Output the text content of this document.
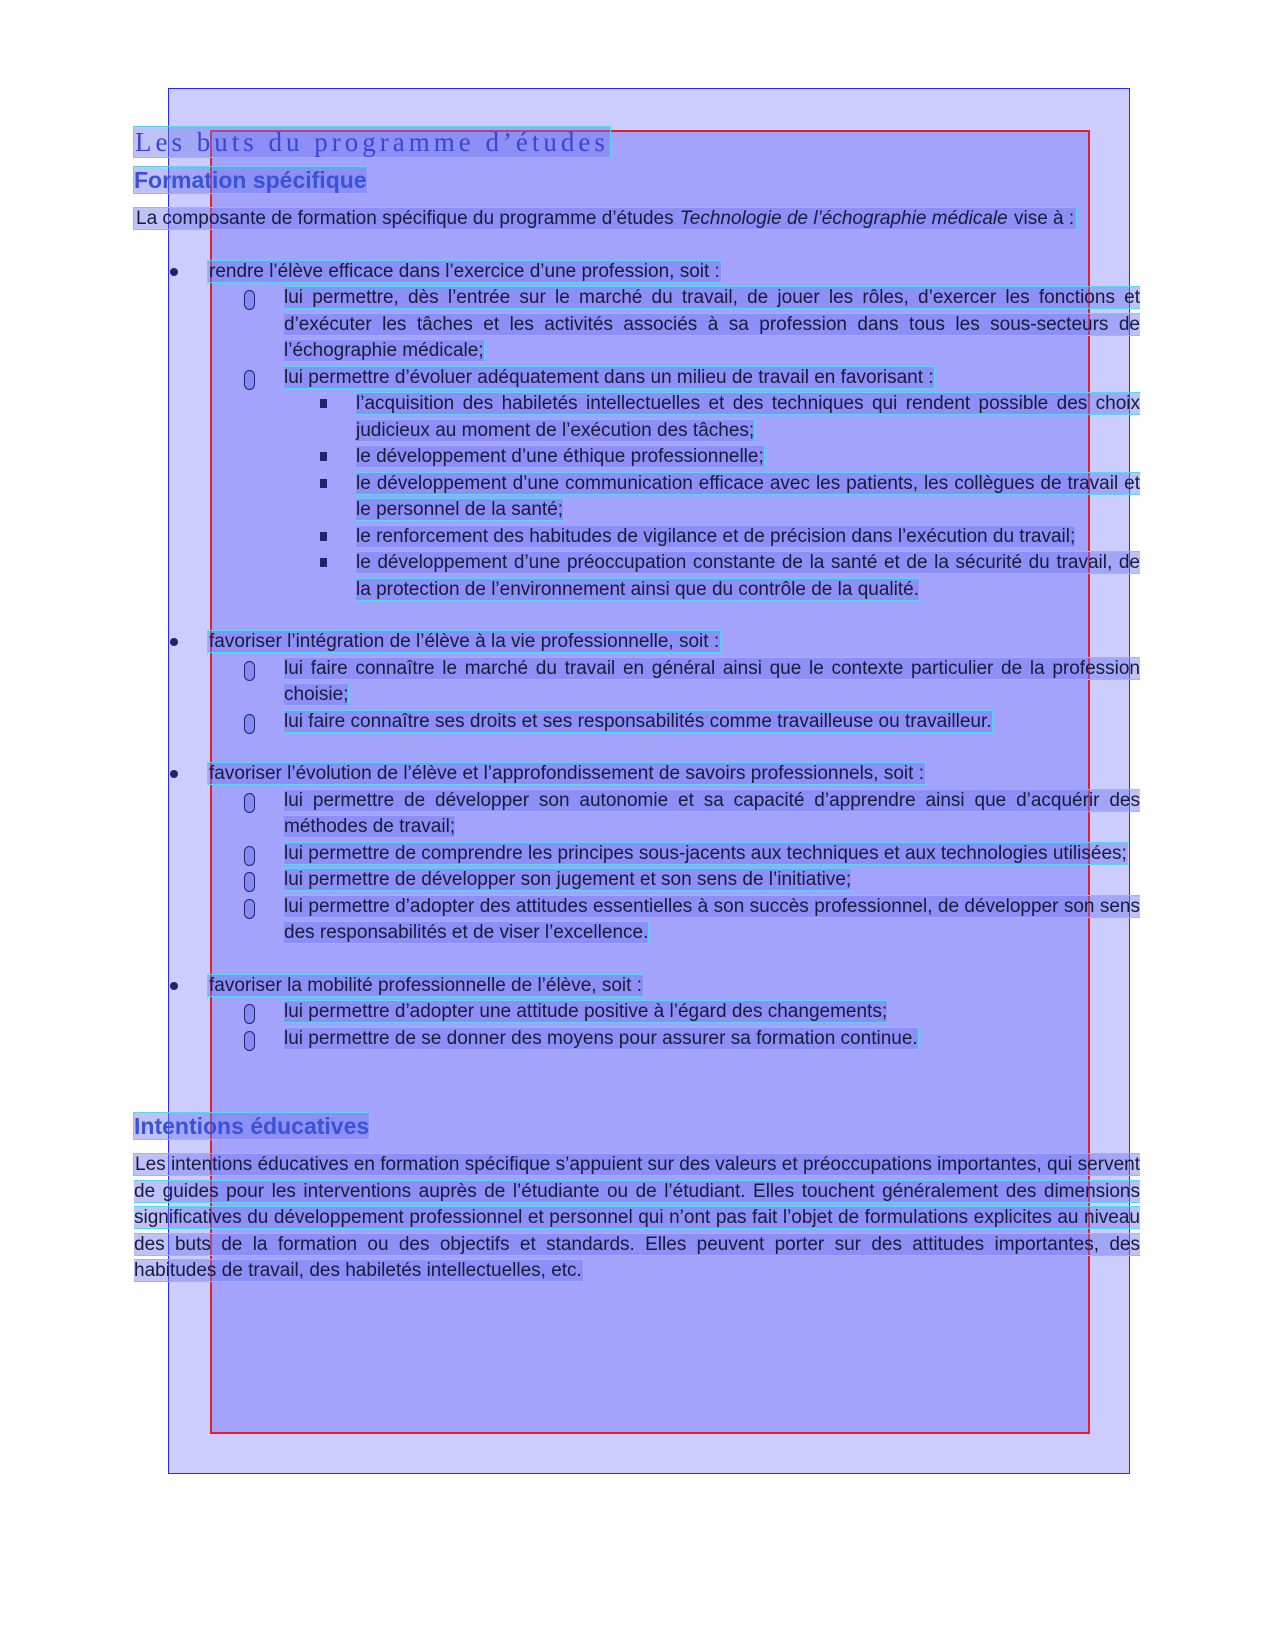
Les buts du programme d’études
Formation spécifique

La composante de formation spécifique du programme d’études Technologie de l’échographie médicale vise à :

rendre l’élève efficace dans l’exercice d’une profession, soit :
lui permettre, dès l’entrée sur le marché du travail, de jouer les rôles, d’exercer les fonctions et d’exécuter les tâches et les activités associés à sa profession dans tous les sous-secteurs de l’échographie médicale;
lui permettre d’évoluer adéquatement dans un milieu de travail en favorisant :
l’acquisition des habiletés intellectuelles et des techniques qui rendent possible des choix judicieux au moment de l’exécution des tâches;
le développement d’une éthique professionnelle;
le développement d’une communication efficace avec les patients, les collègues de travail et le personnel de la santé;
le renforcement des habitudes de vigilance et de précision dans l’exécution du travail;
le développement d’une préoccupation constante de la santé et de la sécurité du travail, de la protection de l’environnement ainsi que du contrôle de la qualité.
favoriser l’intégration de l’élève à la vie professionnelle, soit :
lui faire connaître le marché du travail en général ainsi que le contexte particulier de la profession choisie;
lui faire connaître ses droits et ses responsabilités comme travailleuse ou travailleur.
favoriser l’évolution de l’élève et l’approfondissement de savoirs professionnels, soit :
lui permettre de développer son autonomie et sa capacité d’apprendre ainsi que d’acquérir des méthodes de travail;
lui permettre de comprendre les principes sous-jacents aux techniques et aux technologies utilisées;
lui permettre de développer son jugement et son sens de l’initiative;
lui permettre d’adopter des attitudes essentielles à son succès professionnel, de développer son sens des responsabilités et de viser l’excellence.
favoriser la mobilité professionnelle de l’élève, soit :
lui permettre d’adopter une attitude positive à l’égard des changements;
lui permettre de se donner des moyens pour assurer sa formation continue.
Intentions éducatives

Les intentions éducatives en formation spécifique s’appuient sur des valeurs et préoccupations importantes, qui servent de guides pour les interventions auprès de l’étudiante ou de l’étudiant. Elles touchent généralement des dimensions significatives du développement professionnel et personnel qui n’ont pas fait l’objet de formulations explicites au niveau des buts de la formation ou des objectifs et standards. Elles peuvent porter sur des attitudes importantes, des habitudes de travail, des habiletés intellectuelles, etc.
